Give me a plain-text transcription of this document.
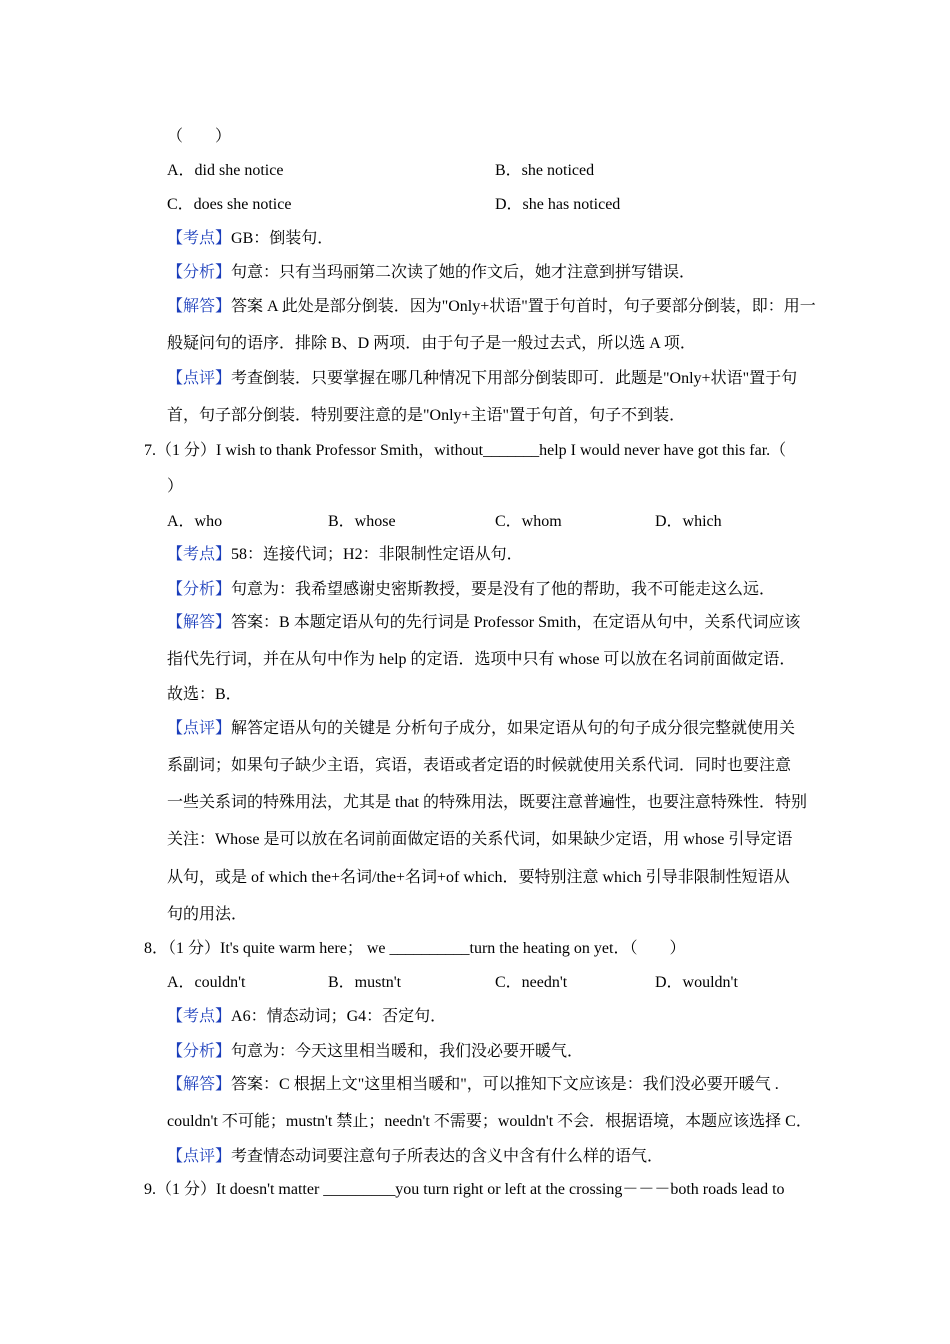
（　　）
A．did she notice	B．she noticed
C．does she notice	D．she has noticed
【考点】GB：倒装句．
【分析】句意：只有当玛丽第二次读了她的作文后，她才注意到拼写错误．
【解答】答案 A 此处是部分倒装．因为"Only+状语"置于句首时，句子要部分倒装，即：用一
般疑问句的语序．排除 B、D 两项．由于句子是一般过去式，所以选 A 项．
【点评】考查倒装．只要掌握在哪几种情况下用部分倒装即可．此题是"Only+状语"置于句
首，句子部分倒装．特别要注意的是"Only+主语"置于句首，句子不到装．
7.（1 分）I wish to thank Professor Smith，without_______help I would never have got this far.（
）
A．who	B．whose	C．whom	D．which
【考点】58：连接代词；H2：非限制性定语从句．
【分析】句意为：我希望感谢史密斯教授，要是没有了他的帮助，我不可能走这么远．
【解答】答案：B 本题定语从句的先行词是 Professor Smith，在定语从句中，关系代词应该
指代先行词，并在从句中作为 help 的定语．选项中只有 whose 可以放在名词前面做定语．
故选：B．
【点评】解答定语从句的关键是 分析句子成分，如果定语从句的句子成分很完整就使用关
系副词；如果句子缺少主语，宾语，表语或者定语的时候就使用关系代词．同时也要注意
一些关系词的特殊用法，尤其是 that 的特殊用法，既要注意普遍性，也要注意特殊性．特别
关注：Whose 是可以放在名词前面做定语的关系代词，如果缺少定语，用 whose 引导定语
从句，或是 of which the+名词/the+名词+of which．要特别注意 which 引导非限制性短语从
句的用法．
8．（1 分）It's quite warm here； we __________turn the heating on yet．（　　）
A．couldn't	B．mustn't	C．needn't	D．wouldn't
【考点】A6：情态动词；G4：否定句．
【分析】句意为：今天这里相当暖和，我们没必要开暖气．
【解答】答案：C 根据上文"这里相当暖和"，可以推知下文应该是：我们没必要开暖气 .
couldn't 不可能；mustn't 禁止；needn't 不需要；wouldn't 不会．根据语境，本题应该选择 C．
【点评】考查情态动词要注意句子所表达的含义中含有什么样的语气．
9.（1 分）It doesn't matter _________you turn right or left at the crossing－－－both roads lead to
